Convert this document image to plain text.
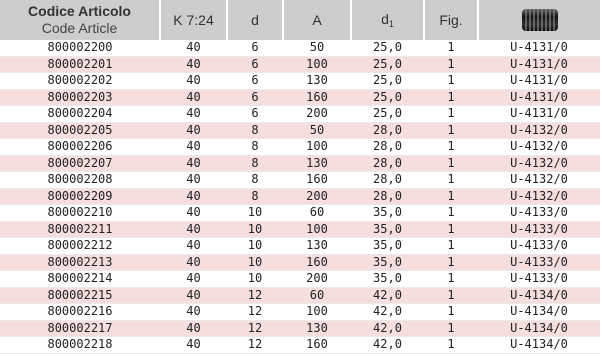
Codice Articolo
Code Article	K 7:24	d	A	$d_1$	Fig.	
800002200	40	6	50	25,0	1	U-4131/0
800002201	40	6	100	25,0	1	U-4131/0
800002202	40	6	130	25,0	1	U-4131/0
800002203	40	6	160	25,0	1	U-4131/0
800002204	40	6	200	25,0	1	U-4131/0
800002205	40	8	50	28,0	1	U-4132/0
800002206	40	8	100	28,0	1	U-4132/0
800002207	40	8	130	28,0	1	U-4132/0
800002208	40	8	160	28,0	1	U-4132/0
800002209	40	8	200	28,0	1	U-4132/0
800002210	40	10	60	35,0	1	U-4133/0
800002211	40	10	100	35,0	1	U-4133/0
800002212	40	10	130	35,0	1	U-4133/0
800002213	40	10	160	35,0	1	U-4133/0
800002214	40	10	200	35,0	1	U-4133/0
800002215	40	12	60	42,0	1	U-4134/0
800002216	40	12	100	42,0	1	U-4134/0
800002217	40	12	130	42,0	1	U-4134/0
800002218	40	12	160	42,0	1	U-4134/0
